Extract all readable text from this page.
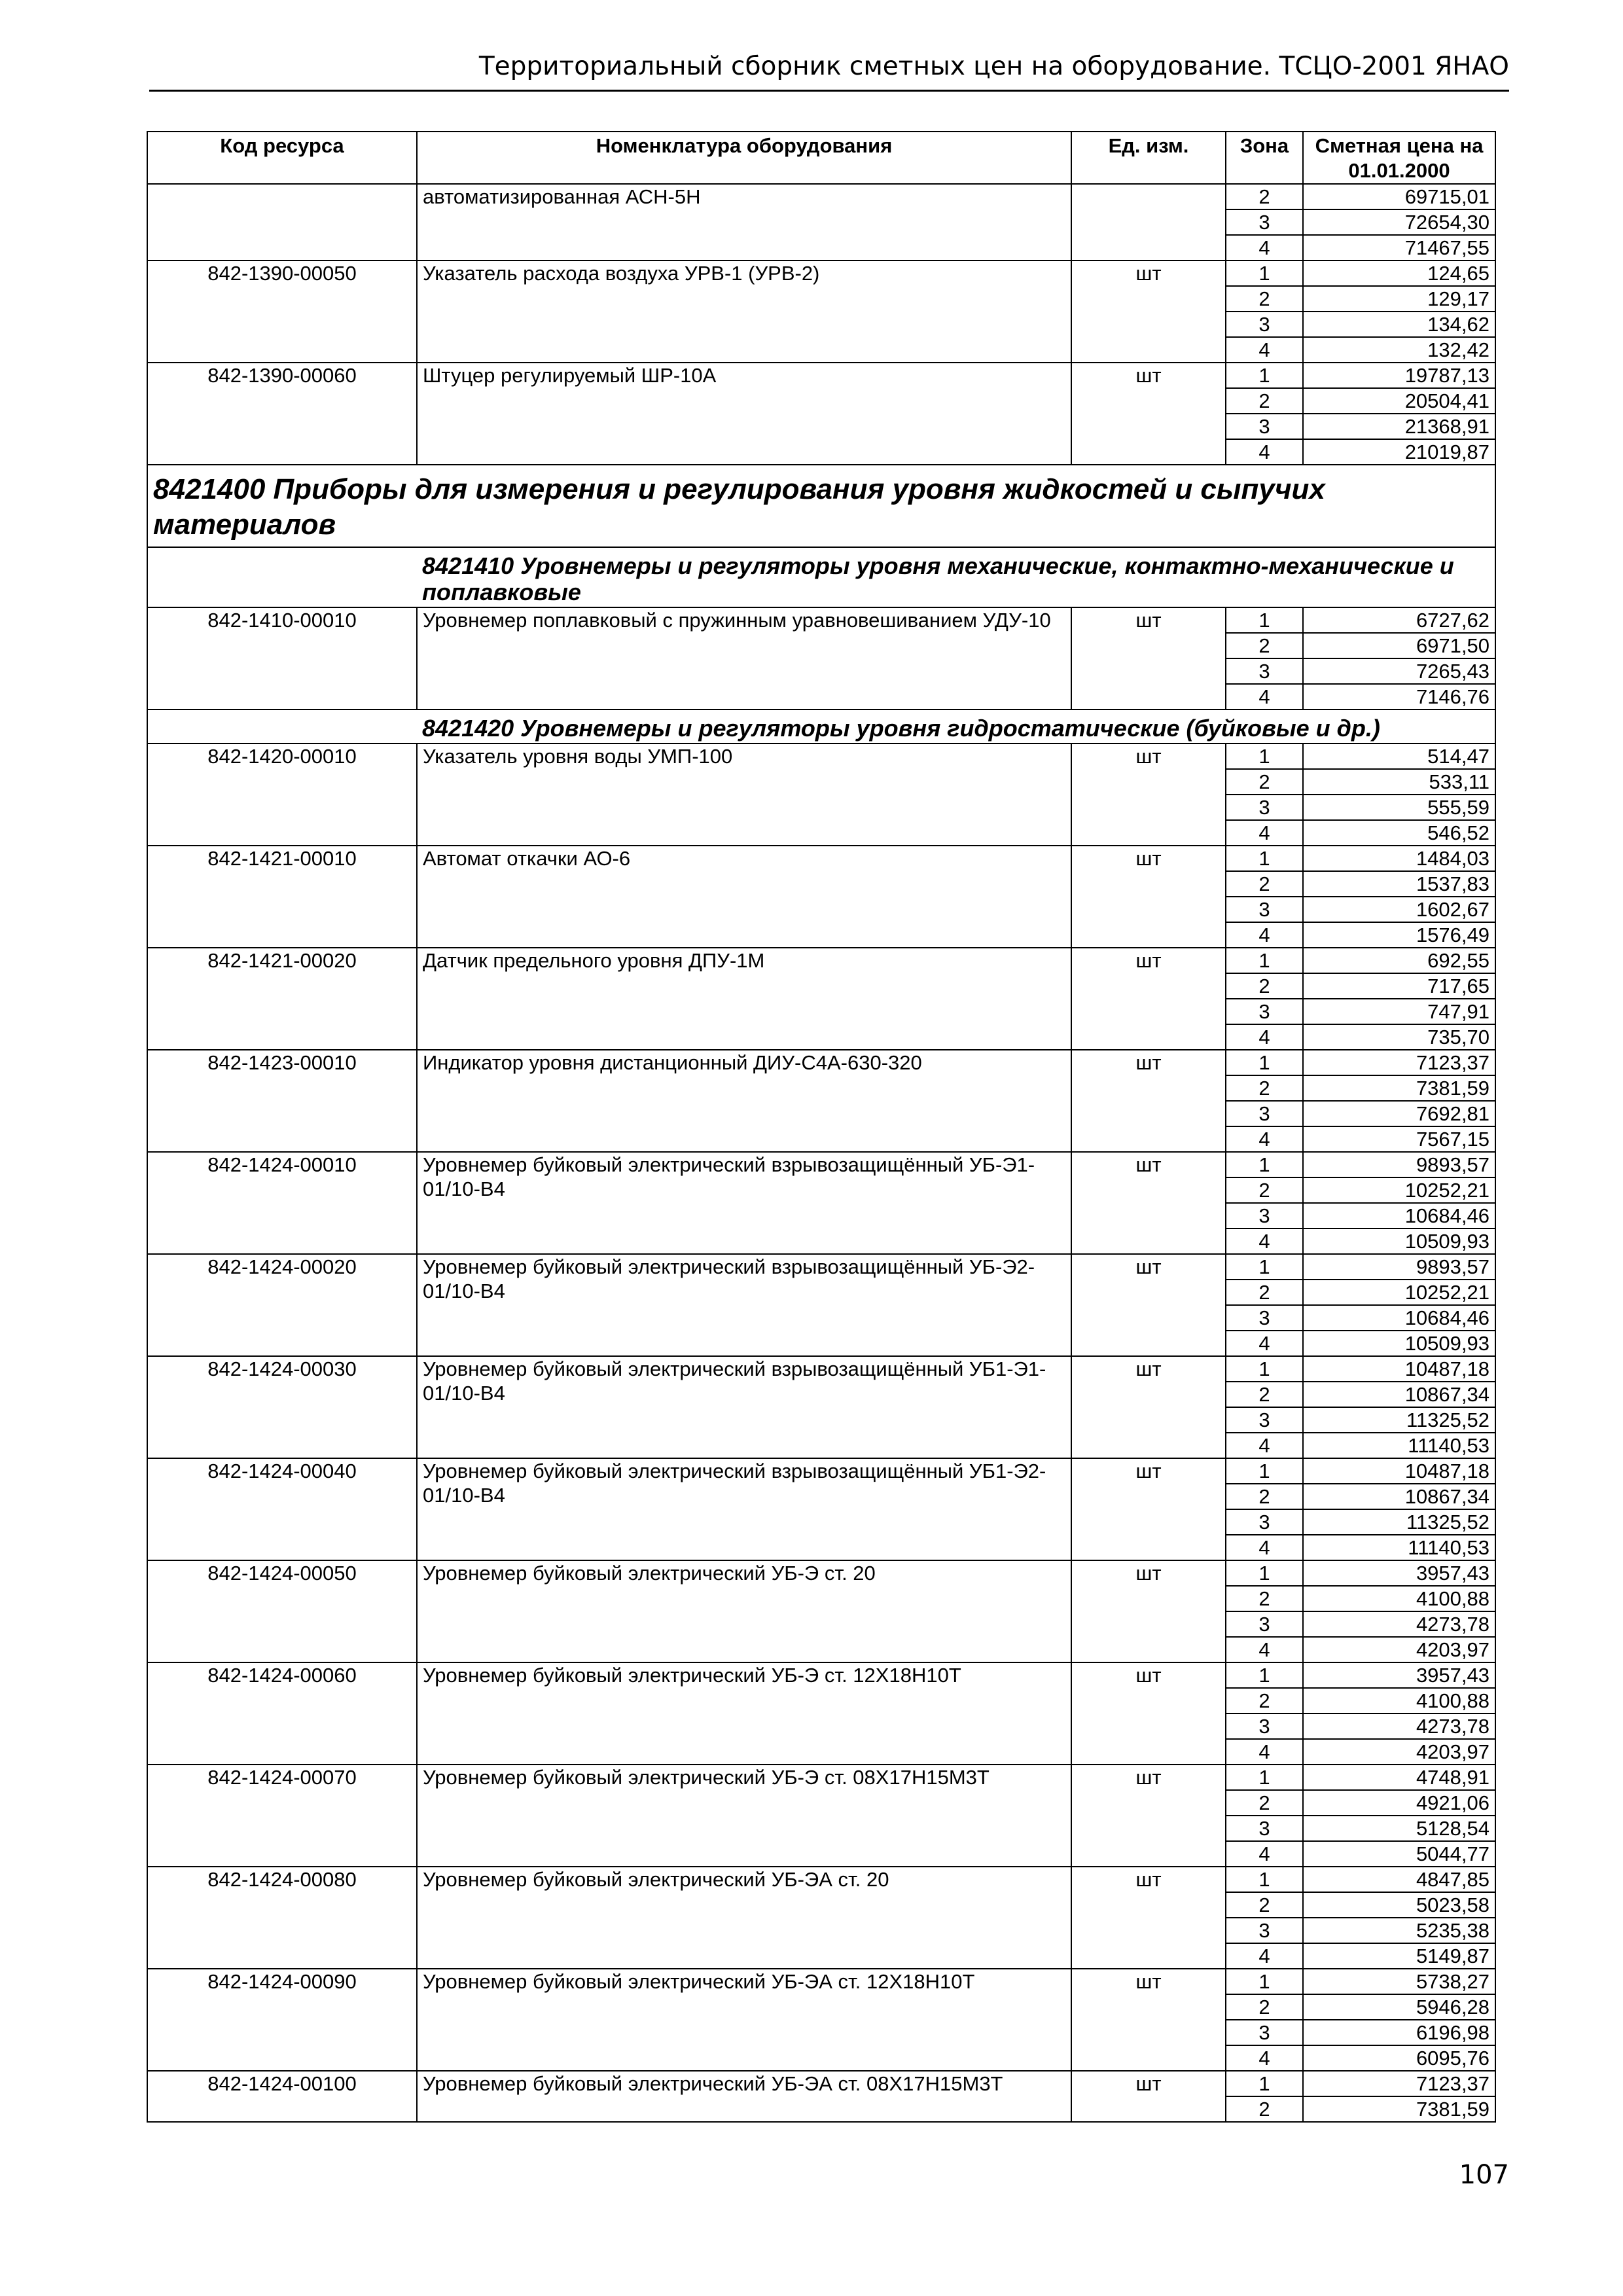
Территориальный сборник сметных цен на оборудование. ТСЦО-2001 ЯНАО
Код ресурса	Номенклатура оборудования	Ед. изм.	Зона	Сметная цена на 01.01.2000
	автоматизированная АСН-5Н		2	69715,01
			3	72654,30
			4	71467,55
842-1390-00050	Указатель расхода воздуха УРВ-1 (УРВ-2)	шт	1	124,65
			2	129,17
			3	134,62
			4	132,42
842-1390-00060	Штуцер регулируемый ШР-10А	шт	1	19787,13
			2	20504,41
			3	21368,91
			4	21019,87
8421400 Приборы для измерения и регулирования уровня жидкостей и сыпучих материалов				

	8421410 Уровнемеры и регуляторы уровня механические, контактно-механические и поплавковые			

842-1410-00010	Уровнемер поплавковый с пружинным уравновешиванием УДУ-10	шт	1	6727,62
			2	6971,50
			3	7265,43
			4	7146,76

	8421420 Уровнемеры и регуляторы уровня гидростатические (буйковые и др.)			

842-1420-00010	Указатель уровня воды УМП-100	шт	1	514,47
			2	533,11
			3	555,59
			4	546,52
842-1421-00010	Автомат откачки АО-6	шт	1	1484,03
			2	1537,83
			3	1602,67
			4	1576,49
842-1421-00020	Датчик предельного уровня ДПУ-1М	шт	1	692,55
			2	717,65
			3	747,91
			4	735,70
842-1423-00010	Индикатор уровня дистанционный ДИУ-С4А-630-320	шт	1	7123,37
			2	7381,59
			3	7692,81
			4	7567,15
842-1424-00010	Уровнемер буйковый электрический взрывозащищённый УБ-Э1-01/10-В4	шт	1	9893,57
			2	10252,21
			3	10684,46
			4	10509,93
842-1424-00020	Уровнемер буйковый электрический взрывозащищённый УБ-Э2-01/10-В4	шт	1	9893,57
			2	10252,21
			3	10684,46
			4	10509,93
842-1424-00030	Уровнемер буйковый электрический взрывозащищённый УБ1-Э1-01/10-В4	шт	1	10487,18
			2	10867,34
			3	11325,52
			4	11140,53
842-1424-00040	Уровнемер буйковый электрический взрывозащищённый УБ1-Э2-01/10-В4	шт	1	10487,18
			2	10867,34
			3	11325,52
			4	11140,53
842-1424-00050	Уровнемер буйковый электрический УБ-Э ст. 20	шт	1	3957,43
			2	4100,88
			3	4273,78
			4	4203,97
842-1424-00060	Уровнемер буйковый электрический УБ-Э ст. 12Х18Н10Т	шт	1	3957,43
			2	4100,88
			3	4273,78
			4	4203,97
842-1424-00070	Уровнемер буйковый электрический УБ-Э ст. 08Х17Н15М3Т	шт	1	4748,91
			2	4921,06
			3	5128,54
			4	5044,77
842-1424-00080	Уровнемер буйковый электрический УБ-ЭА ст. 20	шт	1	4847,85
			2	5023,58
			3	5235,38
			4	5149,87
842-1424-00090	Уровнемер буйковый электрический УБ-ЭА ст. 12Х18Н10Т	шт	1	5738,27
			2	5946,28
			3	6196,98
			4	6095,76
842-1424-00100	Уровнемер буйковый электрический УБ-ЭА ст. 08Х17Н15М3Т	шт	1	7123,37
			2	7381,59
107
